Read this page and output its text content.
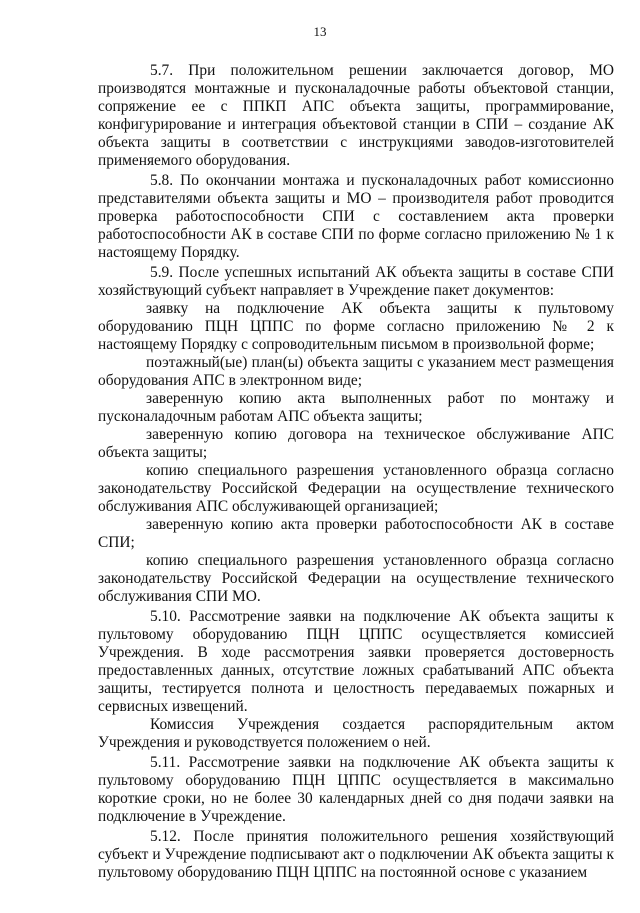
13

5.7. При положительном решении заключается договор, МО производятся монтажные и пусконаладочные работы объектовой станции, сопряжение ее с ППКП АПС объекта защиты, программирование, конфигурирование и интеграция объектовой станции в СПИ – создание АК объекта защиты в соответствии с инструкциями заводов-изготовителей применяемого оборудования.

5.8. По окончании монтажа и пусконаладочных работ комиссионно представителями объекта защиты и МО – производителя работ проводится проверка работоспособности СПИ с составлением акта проверки работоспособности АК в составе СПИ по форме согласно приложению № 1 к настоящему Порядку.

5.9. После успешных испытаний АК объекта защиты в составе СПИ хозяйствующий субъект направляет в Учреждение пакет документов:

заявку на подключение АК объекта защиты к пультовому оборудованию ПЦН ЦППС по форме согласно приложению № 2 к настоящему Порядку с сопроводительным письмом в произвольной форме;

поэтажный(ые) план(ы) объекта защиты с указанием мест размещения оборудования АПС в электронном виде;

заверенную копию акта выполненных работ по монтажу и пусконаладочным работам АПС объекта защиты;

заверенную копию договора на техническое обслуживание АПС объекта защиты;

копию специального разрешения установленного образца согласно законодательству Российской Федерации на осуществление технического обслуживания АПС обслуживающей организацией;

заверенную копию акта проверки работоспособности АК в составе СПИ;

копию специального разрешения установленного образца согласно законодательству Российской Федерации на осуществление технического обслуживания СПИ МО.

5.10. Рассмотрение заявки на подключение АК объекта защиты к пультовому оборудованию ПЦН ЦППС осуществляется комиссией Учреждения. В ходе рассмотрения заявки проверяется достоверность предоставленных данных, отсутствие ложных срабатываний АПС объекта защиты, тестируется полнота и целостность передаваемых пожарных и сервисных извещений.

Комиссия Учреждения создается распорядительным актом Учреждения и руководствуется положением о ней.

5.11. Рассмотрение заявки на подключение АК объекта защиты к пультовому оборудованию ПЦН ЦППС осуществляется в максимально короткие сроки, но не более 30 календарных дней со дня подачи заявки на подключение в Учреждение.

5.12. После принятия положительного решения хозяйствующий субъект и Учреждение подписывают акт о подключении АК объекта защиты к пультовому оборудованию ПЦН ЦППС на постоянной основе с указанием
